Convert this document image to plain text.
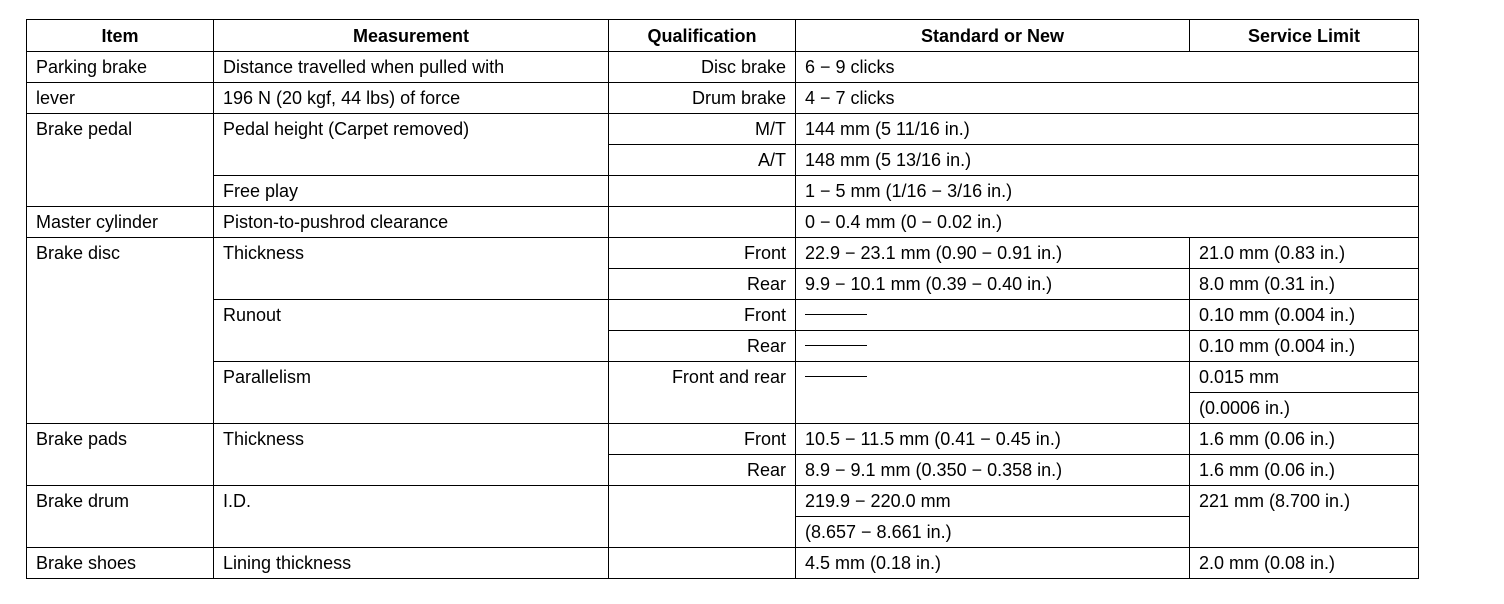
Item	Measurement	Qualification	Standard or New	Service Limit
Parking brake	Distance travelled when pulled with	Disc brake	6 − 9 clicks	
lever	196 N (20 kgf, 44 lbs) of force	Drum brake	4 − 7 clicks	
Brake pedal	Pedal height (Carpet removed)	M/T	144 mm (5 11/16 in.)	
		A/T	148 mm (5 13/16 in.)	
	Free play		1 − 5 mm (1/16 − 3/16 in.)	
Master cylinder	Piston-to-pushrod clearance		0 − 0.4 mm (0 − 0.02 in.)	
Brake disc	Thickness	Front	22.9 − 23.1 mm (0.90 − 0.91 in.)	21.0 mm (0.83 in.)
		Rear	9.9 − 10.1 mm (0.39 − 0.40 in.)	8.0 mm (0.31 in.)
	Runout	Front		0.10 mm (0.004 in.)
		Rear		0.10 mm (0.004 in.)
	Parallelism	Front and rear		0.015 mm
				(0.0006 in.)
Brake pads	Thickness	Front	10.5 − 11.5 mm (0.41 − 0.45 in.)	1.6 mm (0.06 in.)
		Rear	8.9 − 9.1 mm (0.350 − 0.358 in.)	1.6 mm (0.06 in.)
Brake drum	I.D.		219.9 − 220.0 mm	221 mm (8.700 in.)
			(8.657 − 8.661 in.)	
Brake shoes	Lining thickness		4.5 mm (0.18 in.)	2.0 mm (0.08 in.)
